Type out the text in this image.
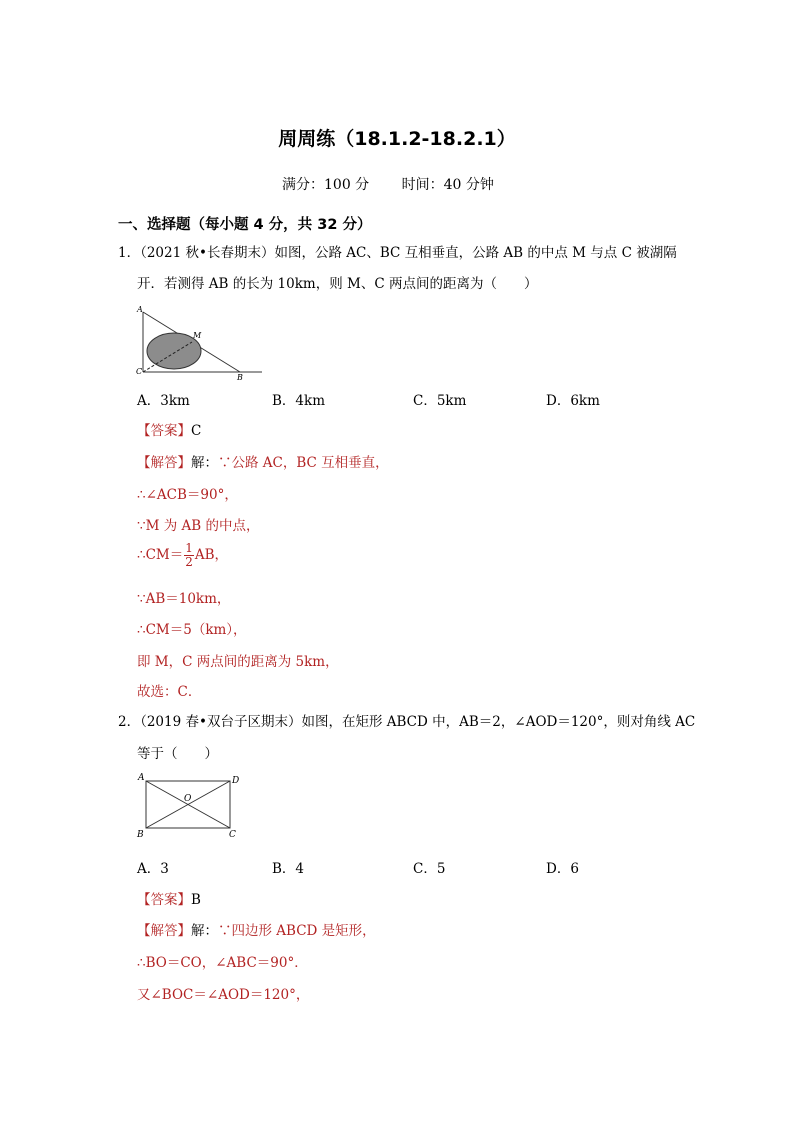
周周练（18.1.2-18.2.1）
满分：100 分 时间：40 分钟
一、选择题（每小题 4 分，共 32 分）
1．（2021 秋•长春期末）如图，公路 AC、BC 互相垂直，公路 AB 的中点 M 与点 C 被湖隔
开．若测得 AB 的长为 10km，则 M、C 两点间的距离为（　　）
A
M
C
B
A．3km	B．4km	C．5km	D．6km
【答案】C
【解答】解：∵公路 AC，BC 互相垂直，
∴∠ACB＝90°，
∵M 为 AB 的中点，
∴CM＝ $\frac{1}{2}$ AB，
∵AB＝10km，
∴CM＝5（km），
即 M，C 两点间的距离为 5km，
故选：C．
2．（2019 春•双台子区期末）如图，在矩形 ABCD 中，AB＝2，∠AOD＝120°，则对角线 AC
等于（　　）
A	D
O
B	C
A．3	B．4	C．5	D．6
【答案】B
【解答】解：∵四边形 ABCD 是矩形，
∴BO＝CO，∠ABC＝90°．
又∠BOC＝∠AOD＝120°，
